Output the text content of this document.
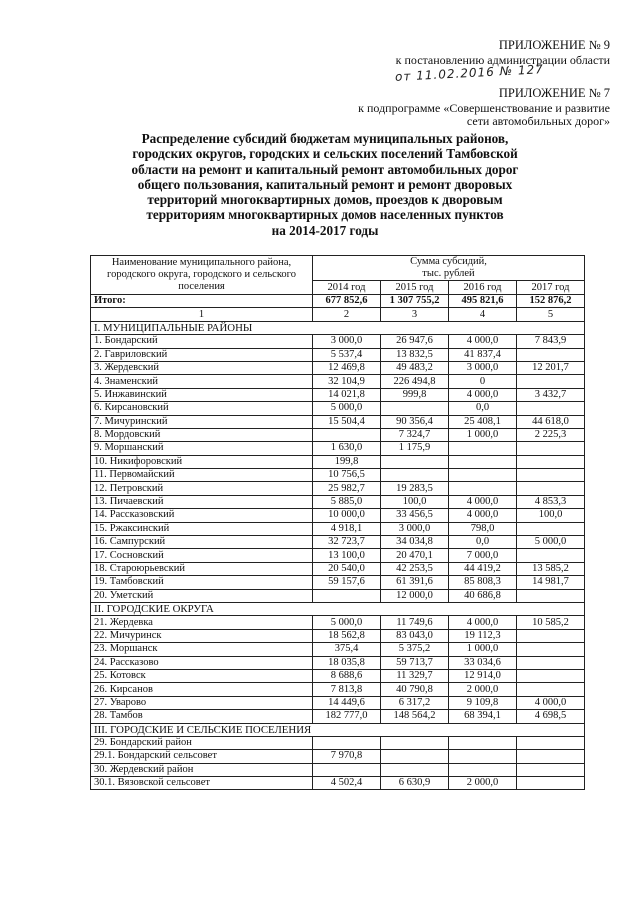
ПРИЛОЖЕНИЕ № 9
к постановлению администрации области
от 11.02.2016 № 127
ПРИЛОЖЕНИЕ № 7
к подпрограмме «Совершенствование и развитие
сети автомобильных дорог»
Распределение субсидий бюджетам муниципальных районов,
городских округов, городских и сельских поселений Тамбовской
области на ремонт и капитальный ремонт автомобильных дорог
общего пользования, капитальный ремонт и ремонт дворовых
территорий многоквартирных домов, проездов к дворовым
территориям многоквартирных домов населенных пунктов
на 2014-2017 годы
Наименование муниципального района, городского округа, городского и сельского поселения	Сумма субсидий,
тыс. рублей			

	2014 год	2015 год	2016 год	2017 год
Итого:	677 852,6	1 307 755,2	495 821,6	152 876,2
1	2	3	4	5
I. МУНИЦИПАЛЬНЫЕ РАЙОНЫ				
1. Бондарский	3 000,0	26 947,6	4 000,0	7 843,9
2. Гавриловский	5 537,4	13 832,5	41 837,4	
3. Жердевский	12 469,8	49 483,2	3 000,0	12 201,7
4. Знаменский	32 104,9	226 494,8	0	
5. Инжавинский	14 021,8	999,8	4 000,0	3 432,7
6. Кирсановский	5 000,0		0,0	
7. Мичуринский	15 504,4	90 356,4	25 408,1	44 618,0
8. Мордовский		7 324,7	1 000,0	2 225,3
9. Моршанский	1 630,0	1 175,9		
10. Никифоровский	199,8			
11. Первомайский	10 756,5			
12. Петровский	25 982,7	19 283,5		
13. Пичаевский	5 885,0	100,0	4 000,0	4 853,3
14. Рассказовский	10 000,0	33 456,5	4 000,0	100,0
15. Ржаксинский	4 918,1	3 000,0	798,0	
16. Сампурский	32 723,7	34 034,8	0,0	5 000,0
17. Сосновский	13 100,0	20 470,1	7 000,0	
18. Староюрьевский	20 540,0	42 253,5	44 419,2	13 585,2
19. Тамбовский	59 157,6	61 391,6	85 808,3	14 981,7
20. Уметский		12 000,0	40 686,8	
II. ГОРОДСКИЕ ОКРУГА				
21. Жердевка	5 000,0	11 749,6	4 000,0	10 585,2
22. Мичуринск	18 562,8	83 043,0	19 112,3	
23. Моршанск	375,4	5 375,2	1 000,0	
24. Рассказово	18 035,8	59 713,7	33 034,6	
25. Котовск	8 688,6	11 329,7	12 914,0	
26. Кирсанов	7 813,8	40 790,8	2 000,0	
27. Уварово	14 449,6	6 317,2	9 109,8	4 000,0
28. Тамбов	182 777,0	148 564,2	68 394,1	4 698,5
III. ГОРОДСКИЕ И СЕЛЬСКИЕ ПОСЕЛЕНИЯ				
29. Бондарский район				
29.1. Бондарский сельсовет	7 970,8			
30. Жердевский район				
30.1. Вязовской сельсовет	4 502,4	6 630,9	2 000,0	
